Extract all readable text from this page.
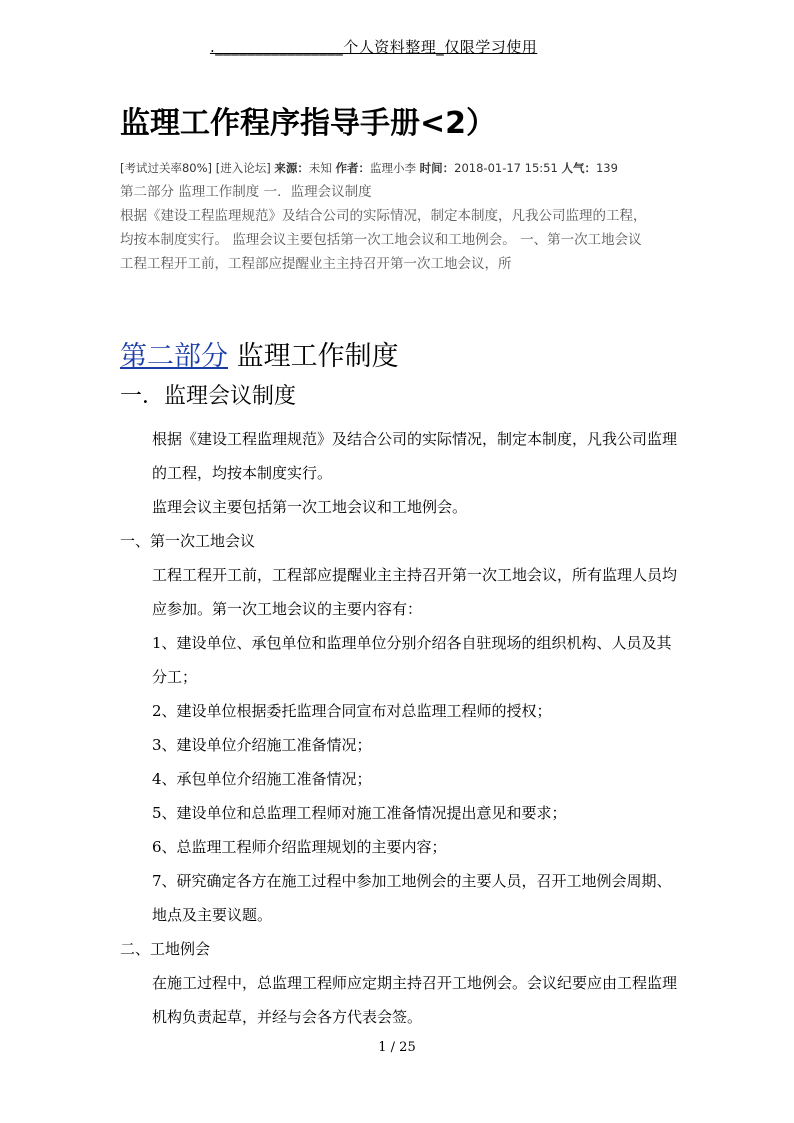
.________________个人资料整理_仅限学习使用
监理工作程序指导手册<2）
[考试过关率80%] [进入论坛] 来源：未知 作者：监理小李 时间：2018-01-17 15:51 人气：139
第二部分 监理工作制度 一．监理会议制度
根据《建设工程监理规范》及结合公司的实际情况，制定本制度，凡我公司监理的工程，
均按本制度实行。 监理会议主要包括第一次工地会议和工地例会。 一、第一次工地会议
工程工程开工前，工程部应提醒业主主持召开第一次工地会议，所
第二部分 监理工作制度
一．监理会议制度

根据《建设工程监理规范》及结合公司的实际情况，制定本制度，凡我公司监理的工程，均按本制度实行。

监理会议主要包括第一次工地会议和工地例会。

一、第一次工地会议

工程工程开工前，工程部应提醒业主主持召开第一次工地会议，所有监理人员均应参加。第一次工地会议的主要内容有：

1、建设单位、承包单位和监理单位分别介绍各自驻现场的组织机构、人员及其分工；

2、建设单位根据委托监理合同宣布对总监理工程师的授权；

3、建设单位介绍施工准备情况；

4、承包单位介绍施工准备情况；

5、建设单位和总监理工程师对施工准备情况提出意见和要求；

6、总监理工程师介绍监理规划的主要内容；

7、研究确定各方在施工过程中参加工地例会的主要人员，召开工地例会周期、地点及主要议题。

二、工地例会

在施工过程中，总监理工程师应定期主持召开工地例会。会议纪要应由工程监理机构负责起草，并经与会各方代表会签。

1 / 25
